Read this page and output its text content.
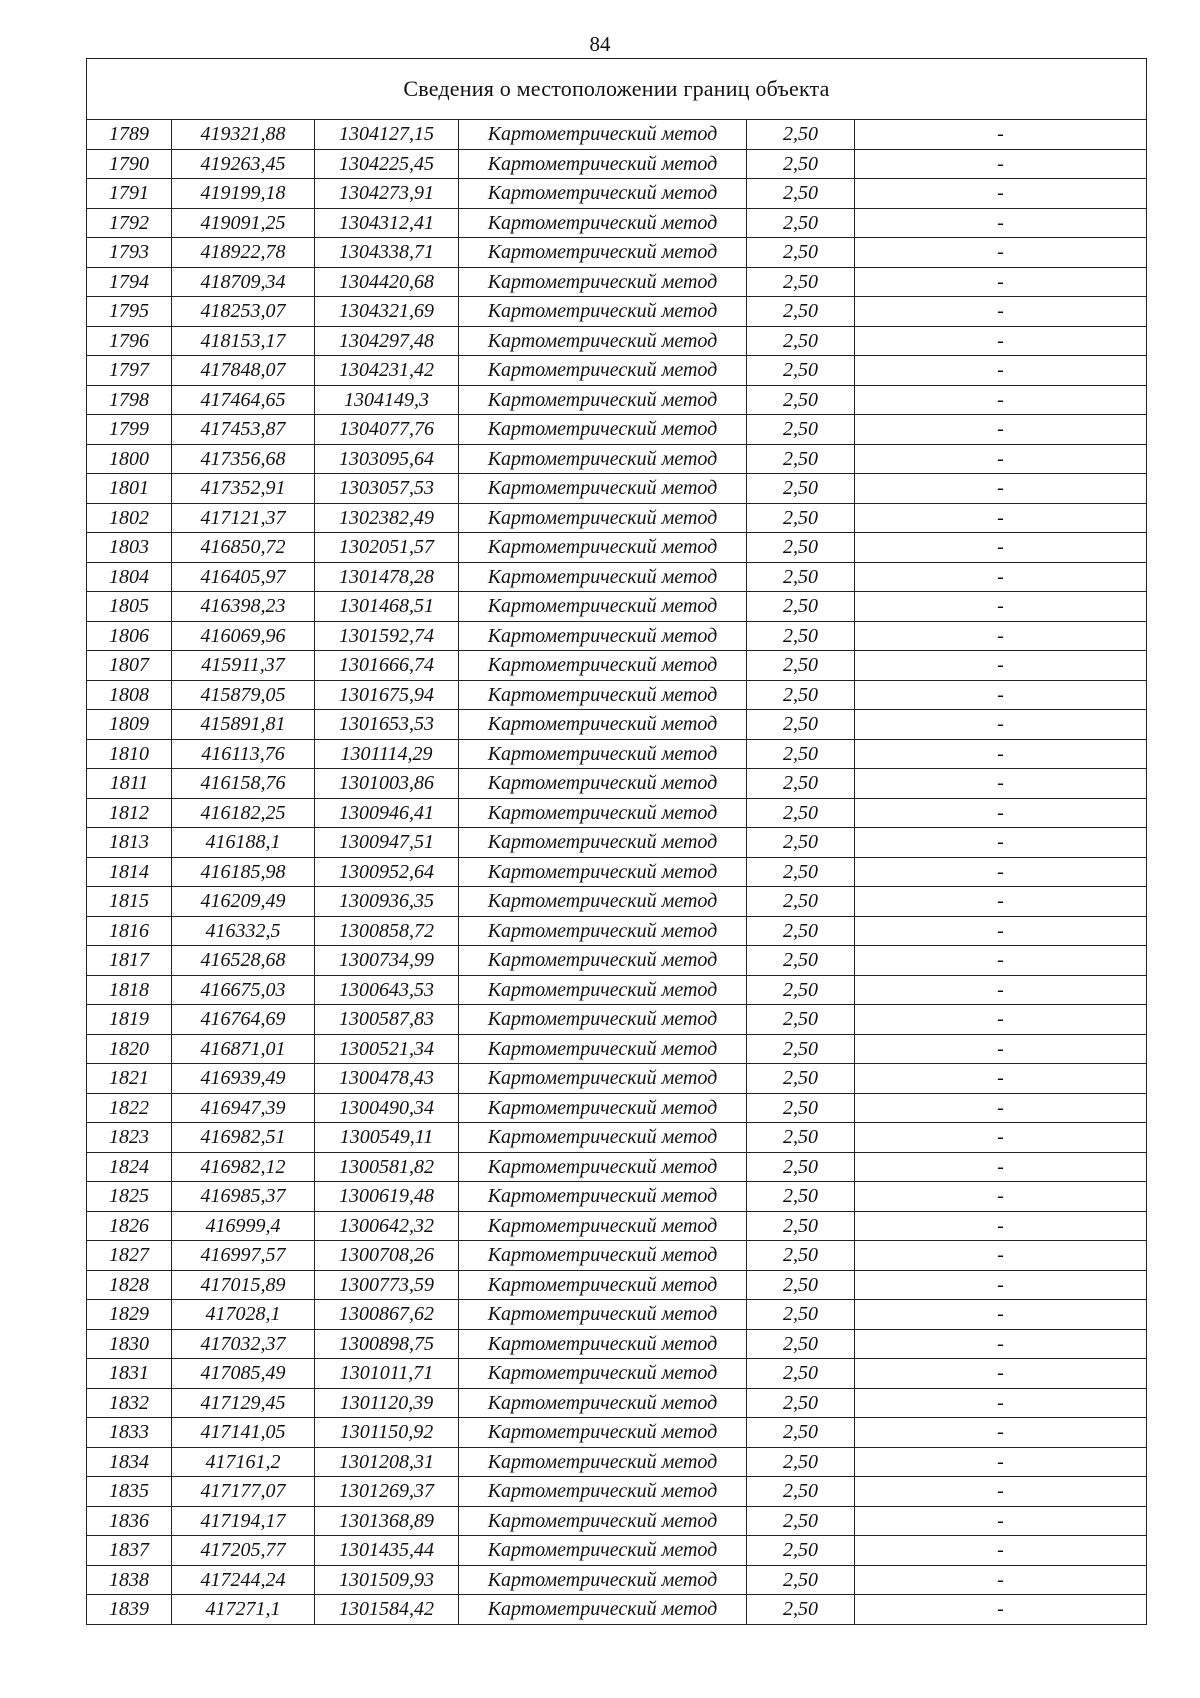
84
Сведения о местоположении границ объекта					
1789	419321,88	1304127,15	Картометрический метод	2,50	-
1790	419263,45	1304225,45	Картометрический метод	2,50	-
1791	419199,18	1304273,91	Картометрический метод	2,50	-
1792	419091,25	1304312,41	Картометрический метод	2,50	-
1793	418922,78	1304338,71	Картометрический метод	2,50	-
1794	418709,34	1304420,68	Картометрический метод	2,50	-
1795	418253,07	1304321,69	Картометрический метод	2,50	-
1796	418153,17	1304297,48	Картометрический метод	2,50	-
1797	417848,07	1304231,42	Картометрический метод	2,50	-
1798	417464,65	1304149,3	Картометрический метод	2,50	-
1799	417453,87	1304077,76	Картометрический метод	2,50	-
1800	417356,68	1303095,64	Картометрический метод	2,50	-
1801	417352,91	1303057,53	Картометрический метод	2,50	-
1802	417121,37	1302382,49	Картометрический метод	2,50	-
1803	416850,72	1302051,57	Картометрический метод	2,50	-
1804	416405,97	1301478,28	Картометрический метод	2,50	-
1805	416398,23	1301468,51	Картометрический метод	2,50	-
1806	416069,96	1301592,74	Картометрический метод	2,50	-
1807	415911,37	1301666,74	Картометрический метод	2,50	-
1808	415879,05	1301675,94	Картометрический метод	2,50	-
1809	415891,81	1301653,53	Картометрический метод	2,50	-
1810	416113,76	1301114,29	Картометрический метод	2,50	-
1811	416158,76	1301003,86	Картометрический метод	2,50	-
1812	416182,25	1300946,41	Картометрический метод	2,50	-
1813	416188,1	1300947,51	Картометрический метод	2,50	-
1814	416185,98	1300952,64	Картометрический метод	2,50	-
1815	416209,49	1300936,35	Картометрический метод	2,50	-
1816	416332,5	1300858,72	Картометрический метод	2,50	-
1817	416528,68	1300734,99	Картометрический метод	2,50	-
1818	416675,03	1300643,53	Картометрический метод	2,50	-
1819	416764,69	1300587,83	Картометрический метод	2,50	-
1820	416871,01	1300521,34	Картометрический метод	2,50	-
1821	416939,49	1300478,43	Картометрический метод	2,50	-
1822	416947,39	1300490,34	Картометрический метод	2,50	-
1823	416982,51	1300549,11	Картометрический метод	2,50	-
1824	416982,12	1300581,82	Картометрический метод	2,50	-
1825	416985,37	1300619,48	Картометрический метод	2,50	-
1826	416999,4	1300642,32	Картометрический метод	2,50	-
1827	416997,57	1300708,26	Картометрический метод	2,50	-
1828	417015,89	1300773,59	Картометрический метод	2,50	-
1829	417028,1	1300867,62	Картометрический метод	2,50	-
1830	417032,37	1300898,75	Картометрический метод	2,50	-
1831	417085,49	1301011,71	Картометрический метод	2,50	-
1832	417129,45	1301120,39	Картометрический метод	2,50	-
1833	417141,05	1301150,92	Картометрический метод	2,50	-
1834	417161,2	1301208,31	Картометрический метод	2,50	-
1835	417177,07	1301269,37	Картометрический метод	2,50	-
1836	417194,17	1301368,89	Картометрический метод	2,50	-
1837	417205,77	1301435,44	Картометрический метод	2,50	-
1838	417244,24	1301509,93	Картометрический метод	2,50	-
1839	417271,1	1301584,42	Картометрический метод	2,50	-
